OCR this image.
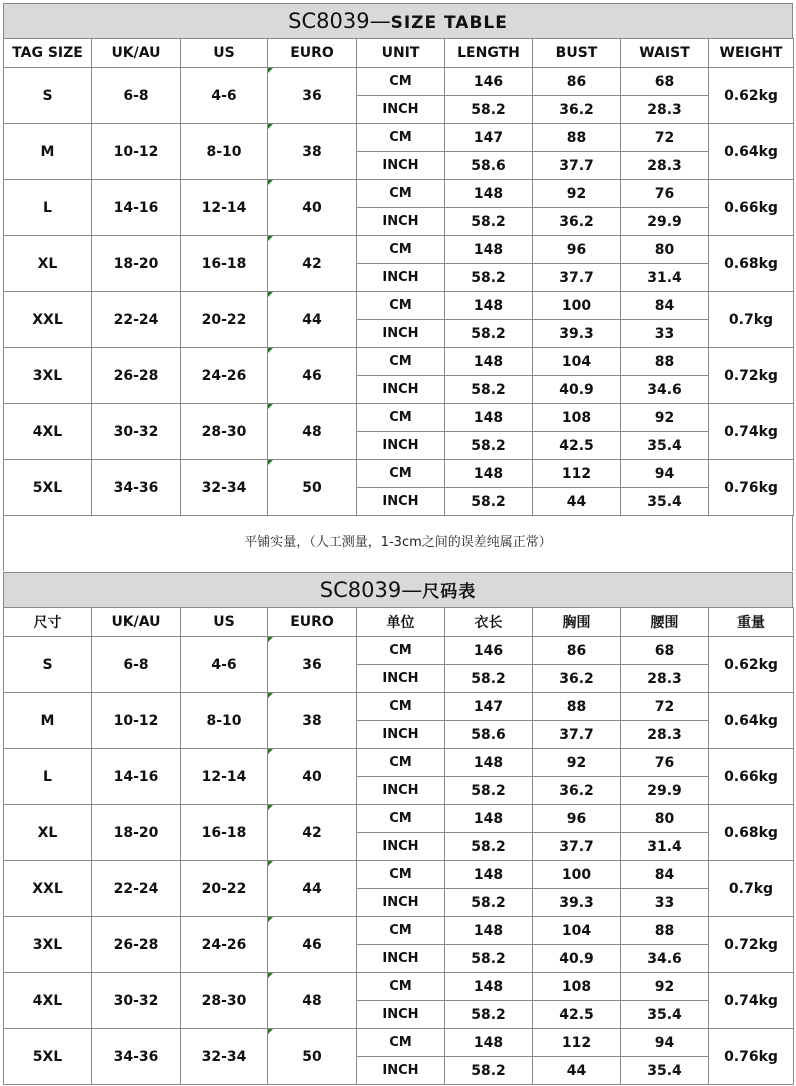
SC8039—SIZE TABLE
TAG SIZE	UK/AU	US	EURO	UNIT	LENGTH	BUST	WAIST	WEIGHT
S	6-8	4-6	36	CM	146	86	68	0.62kg
				INCH	58.2	36.2	28.3	
M	10-12	8-10	38	CM	147	88	72	0.64kg
				INCH	58.6	37.7	28.3	
L	14-16	12-14	40	CM	148	92	76	0.66kg
				INCH	58.2	36.2	29.9	
XL	18-20	16-18	42	CM	148	96	80	0.68kg
				INCH	58.2	37.7	31.4	
XXL	22-24	20-22	44	CM	148	100	84	0.7kg
				INCH	58.2	39.3	33	
3XL	26-28	24-26	46	CM	148	104	88	0.72kg
				INCH	58.2	40.9	34.6	
4XL	30-32	28-30	48	CM	148	108	92	0.74kg
				INCH	58.2	42.5	35.4	
5XL	34-36	32-34	50	CM	148	112	94	0.76kg
				INCH	58.2	44	35.4	
平铺实量，（人工测量，1-3cm之间的误差纯属正常）
SC8039—尺码表
尺寸	UK/AU	US	EURO	单位	衣长	胸围	腰围	重量
S	6-8	4-6	36	CM	146	86	68	0.62kg
				INCH	58.2	36.2	28.3	
M	10-12	8-10	38	CM	147	88	72	0.64kg
				INCH	58.6	37.7	28.3	
L	14-16	12-14	40	CM	148	92	76	0.66kg
				INCH	58.2	36.2	29.9	
XL	18-20	16-18	42	CM	148	96	80	0.68kg
				INCH	58.2	37.7	31.4	
XXL	22-24	20-22	44	CM	148	100	84	0.7kg
				INCH	58.2	39.3	33	
3XL	26-28	24-26	46	CM	148	104	88	0.72kg
				INCH	58.2	40.9	34.6	
4XL	30-32	28-30	48	CM	148	108	92	0.74kg
				INCH	58.2	42.5	35.4	
5XL	34-36	32-34	50	CM	148	112	94	0.76kg
				INCH	58.2	44	35.4	
